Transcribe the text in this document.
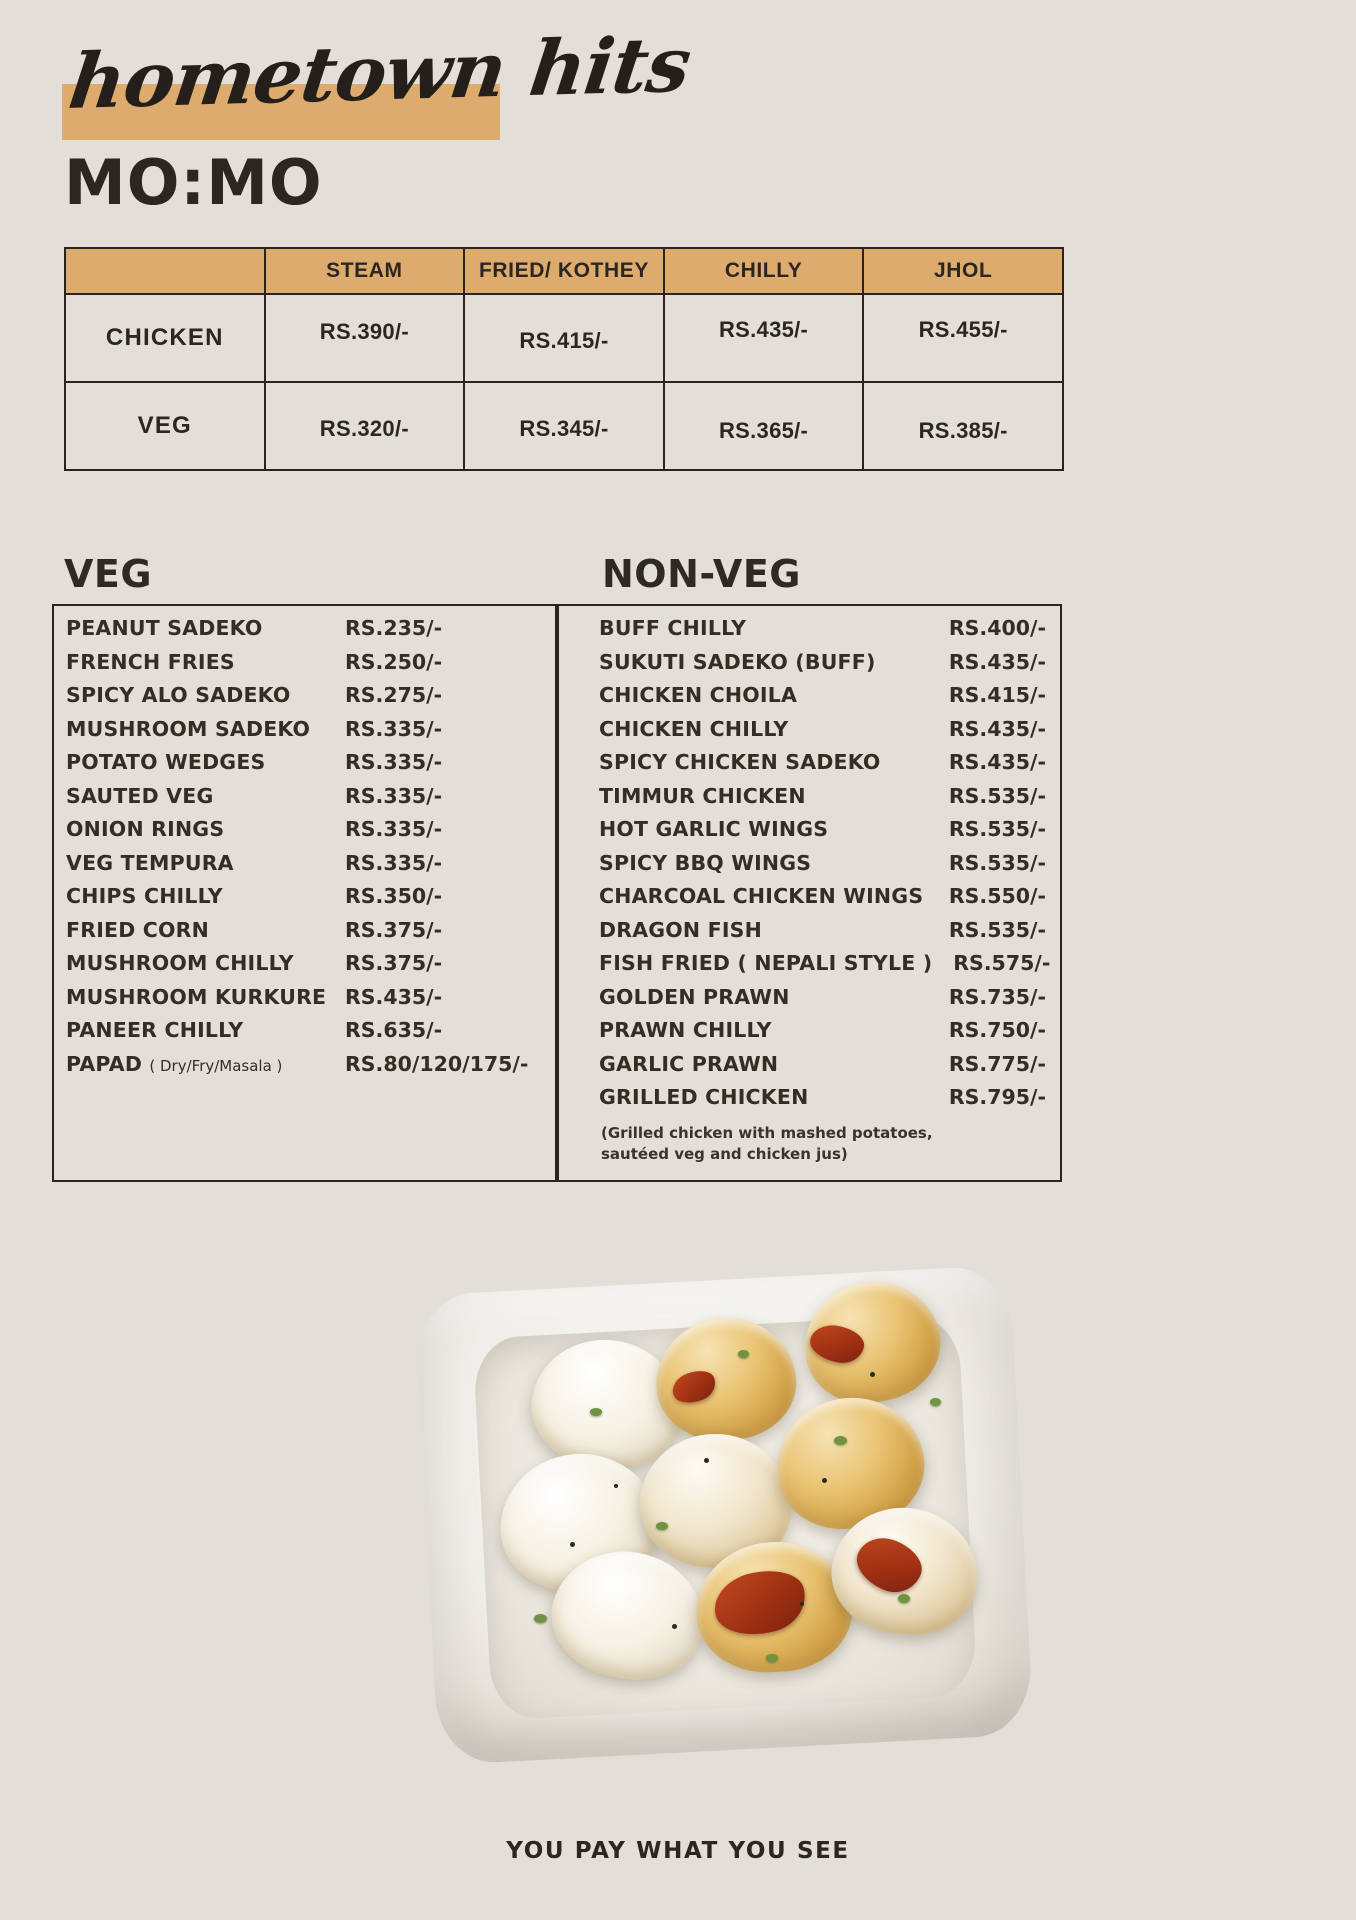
hometown hits
MO:MO
	STEAM	FRIED/ KOTHEY	CHILLY	JHOL
CHICKEN	RS.390/-	RS.415/-	RS.435/-	RS.455/-
VEG	RS.320/-	RS.345/-	RS.365/-	RS.385/-
VEG
PEANUT SADEKO	RS.235/-
FRENCH FRIES	RS.250/-
SPICY ALO SADEKO	RS.275/-
MUSHROOM SADEKO	RS.335/-
POTATO WEDGES	RS.335/-
SAUTED VEG	RS.335/-
ONION RINGS	RS.335/-
VEG TEMPURA	RS.335/-
CHIPS CHILLY	RS.350/-
FRIED CORN	RS.375/-
MUSHROOM CHILLY	RS.375/-
MUSHROOM KURKURE RS.435/-
PANEER CHILLY	RS.635/-
PAPAD ( Dry/Fry/Masala )	RS.80/120/175/-
NON-VEG
BUFF CHILLY	RS.400/-
SUKUTI SADEKO (BUFF)	RS.435/-
CHICKEN CHOILA	RS.415/-
CHICKEN CHILLY	RS.435/-
SPICY CHICKEN SADEKO	RS.435/-
TIMMUR CHICKEN	RS.535/-
HOT GARLIC WINGS	RS.535/-
SPICY BBQ WINGS	RS.535/-
CHARCOAL CHICKEN WINGS	RS.550/-
DRAGON FISH	RS.535/-
FISH FRIED ( NEPALI STYLE )	RS.575/-
GOLDEN PRAWN	RS.735/-
PRAWN CHILLY	RS.750/-
GARLIC PRAWN	RS.775/-
GRILLED CHICKEN	RS.795/-
(Grilled chicken with mashed potatoes, sautéed veg and chicken jus)
YOU PAY WHAT YOU SEE
